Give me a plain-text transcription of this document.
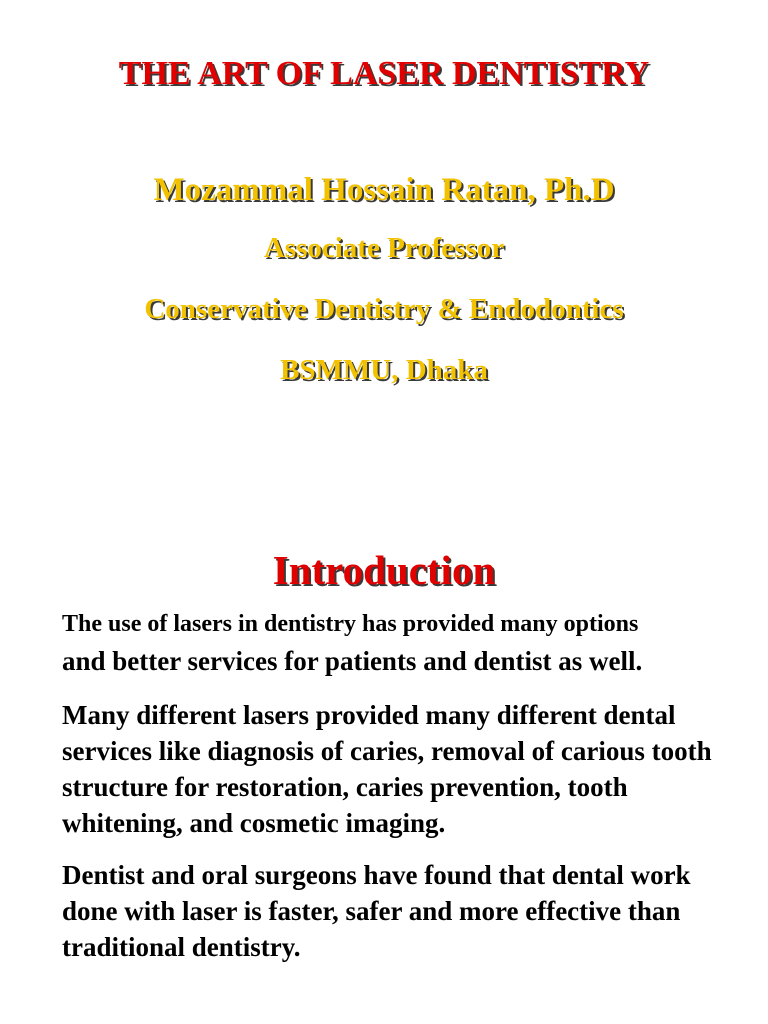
THE ART OF LASER DENTISTRY

Mozammal Hossain Ratan, Ph.D

Associate Professor

Conservative Dentistry & Endodontics

BSMMU, Dhaka

Introduction

The use of lasers in dentistry has provided many options

and better services for patients and dentist as well.

Many different lasers provided many different dental services like diagnosis of caries, removal of carious tooth structure for restoration, caries prevention, tooth whitening, and cosmetic imaging.

Dentist and oral surgeons have found that dental work done with laser is faster, safer and more effective than traditional dentistry.
